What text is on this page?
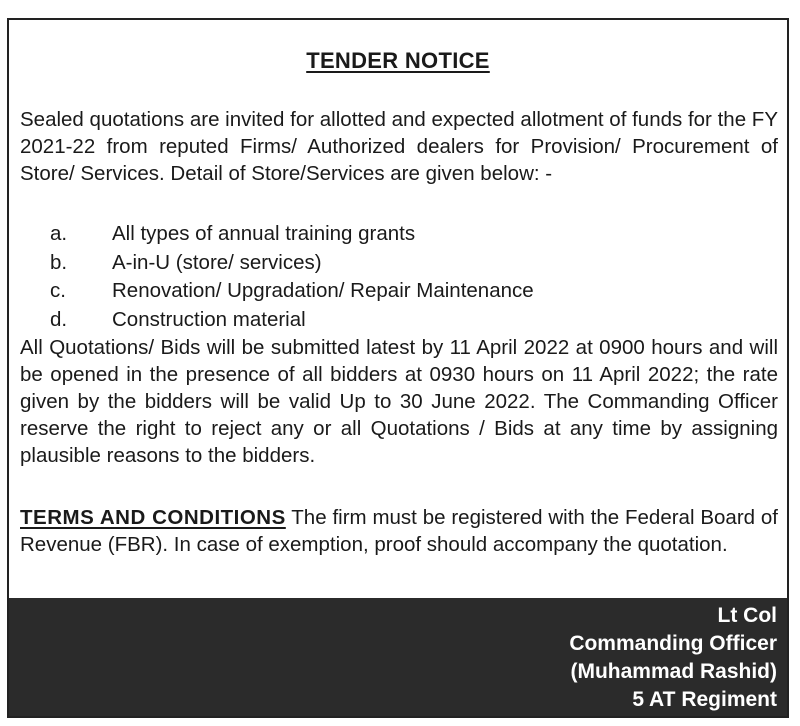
TENDER NOTICE
Sealed quotations are invited for allotted and expected allotment of funds for the FY 2021-22 from reputed Firms/ Authorized dealers for Provision/ Procurement of Store/ Services. Detail of Store/Services are given below: -
a.	All types of annual training grants
b.	A-in-U (store/ services)
c.	Renovation/ Upgradation/ Repair Maintenance
d.	Construction material
All Quotations/ Bids will be submitted latest by 11 April 2022 at 0900 hours and will be opened in the presence of all bidders at 0930 hours on 11 April 2022; the rate given by the bidders will be valid Up to 30 June 2022. The Commanding Officer reserve the right to reject any or all Quotations / Bids at any time by assigning plausible reasons to the bidders.
TERMS AND CONDITIONS The firm must be registered with the Federal Board of Revenue (FBR). In case of exemption, proof should accompany the quotation.
Lt Col
Commanding Officer
(Muhammad Rashid)
5 AT Regiment
